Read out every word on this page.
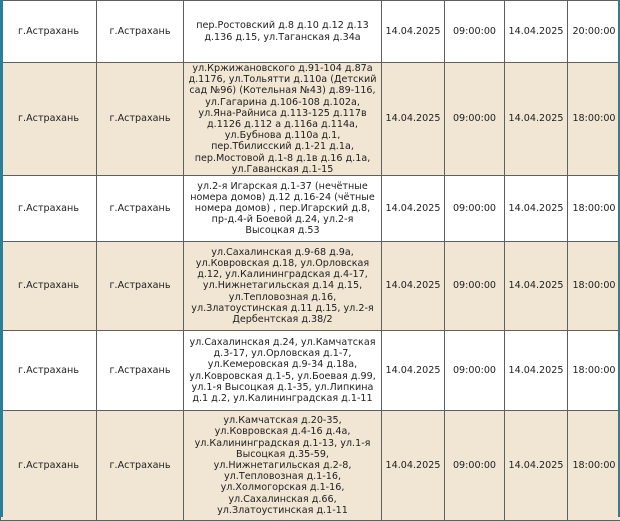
г.Астрахань	г.Астрахань	пер.Ростовский д.8 д.10 д.12 д.13 д.136 д.15, ул.Таганская д.34а	14.04.2025	09:00:00	14.04.2025	20:00:00
г.Астрахань	г.Астрахань	ул.Кржижановского д.91-104 д.87а д.1176, ул.Тольятти д.110а (Детский сад №96) (Котельная №43) д.89-116, ул.Гагарина д.106-108 д.102а, ул.Яна-Райниса д.113-125 д.117в д.1126 д.112 а д.116а д.114а, ул.Бубнова д.110а д.1, пер.Тбилисский д.1-21 д.1а, пер.Мостовой д.1-8 д.1в д.16 д.1а, ул.Гаванская д.1-15	14.04.2025	09:00:00	14.04.2025	18:00:00
г.Астрахань	г.Астрахань	ул.2-я Игарская д.1-37 (нечётные номера домов) д.12 д.16-24 (чётные номера домов) , пер.Игарский д.8, пр-д.4-й Боевой д.24, ул.2-я Высоцкая д.53	14.04.2025	09:00:00	14.04.2025	18:00:00
г.Астрахань	г.Астрахань	ул.Сахалинская д.9-68 д.9а, ул.Ковровская д.18, ул.Орловская д.12, ул.Калининградская д.4-17, ул.Нижнетагильская д.14 д.15, ул.Тепловозная д.16, ул.Златоустинская д.11 д.15, ул.2-я Дербентская д.38/2	14.04.2025	09:00:00	14.04.2025	18:00:00
г.Астрахань	г.Астрахань	ул.Сахалинская д.24, ул.Камчатская д.3-17, ул.Орловская д.1-7, ул.Кемеровская д.9-34 д.18а, ул.Ковровская д.1-5, ул.Боевая д.99, ул.1-я Высоцкая д.1-35, ул.Липкина д.1 д.2, ул.Калининградская д.1-11	14.04.2025	09:00:00	14.04.2025	18:00:00
г.Астрахань	г.Астрахань	ул.Камчатская д.20-35, ул.Ковровская д.4-16 д.4а, ул.Калининградская д.1-13, ул.1-я Высоцкая д.35-59, ул.Нижнетагильская д.2-8, ул.Тепловозная д.1-16, ул.Холмогорская д.1-16, ул.Сахалинская д.66, ул.Златоустинская д.1-11	14.04.2025	09:00:00	14.04.2025	18:00:00
